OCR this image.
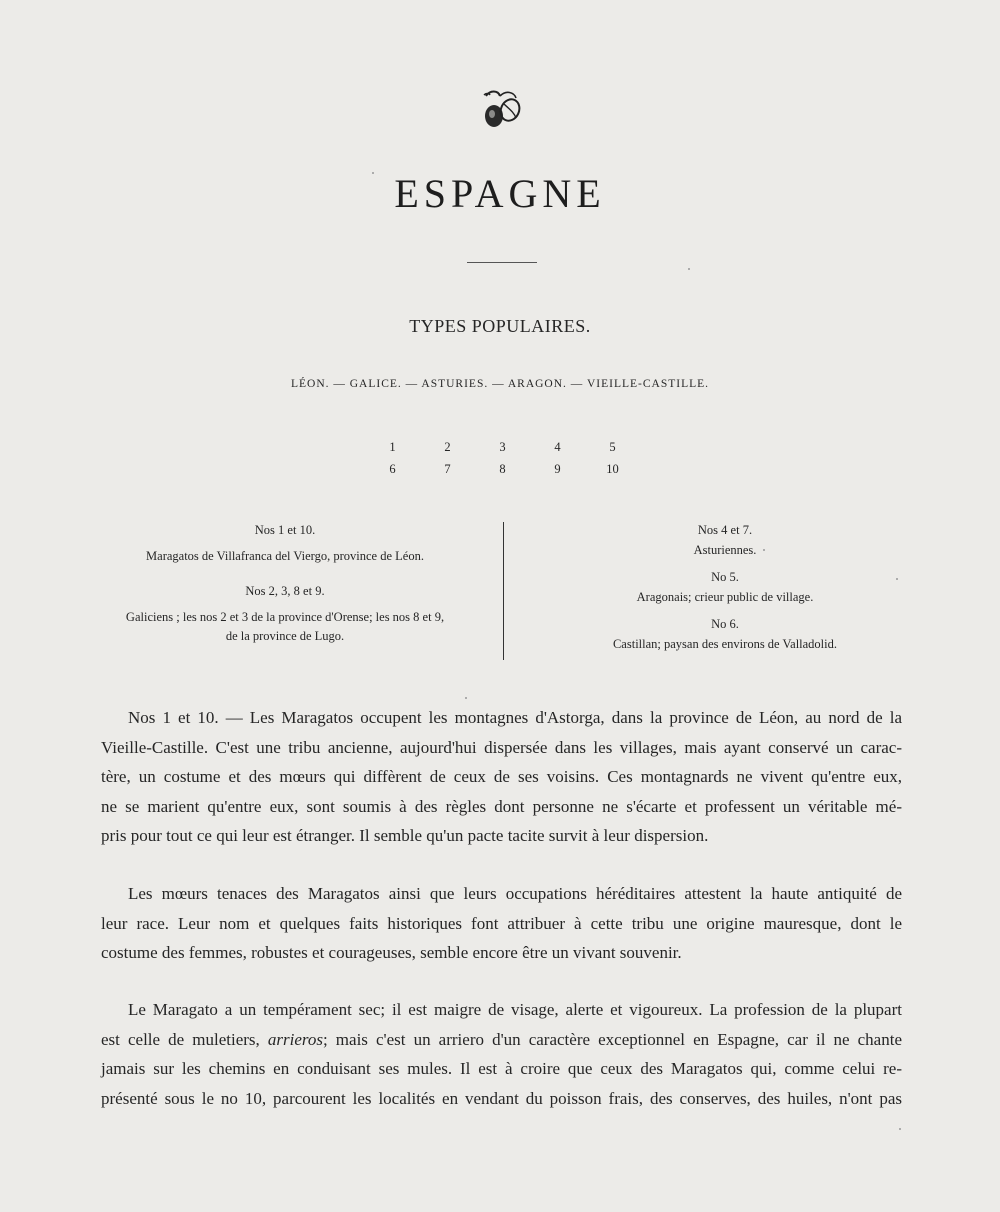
ESPAGNE
TYPES POPULAIRES.
LÉON. — GALICE. — ASTURIES. — ARAGON. — VIEILLE-CASTILLE.
1	2	3	4	5
6	7	8	9	10

Nos 1 et 10.

Maragatos de Villafranca del Viergo, province de Léon.

Nos 2, 3, 8 et 9.

Galiciens ; les nos 2 et 3 de la province d'Orense; les nos 8 et 9,

de la province de Lugo.

Nos 4 et 7.

Asturiennes.

No 5.

Aragonais; crieur public de village.

No 6.

Castillan; paysan des environs de Valladolid.

Nos 1 et 10. — Les Maragatos occupent les montagnes d'Astorga, dans la province de Léon, au nord de la
Vieille-Castille. C'est une tribu ancienne, aujourd'hui dispersée dans les villages, mais ayant conservé un carac-
tère, un costume et des mœurs qui diffèrent de ceux de ses voisins. Ces montagnards ne vivent qu'entre eux,
ne se marient qu'entre eux, sont soumis à des règles dont personne ne s'écarte et professent un véritable mé-
pris pour tout ce qui leur est étranger. Il semble qu'un pacte tacite survit à leur dispersion.
Les mœurs tenaces des Maragatos ainsi que leurs occupations héréditaires attestent la haute antiquité de
leur race. Leur nom et quelques faits historiques font attribuer à cette tribu une origine mauresque, dont le
costume des femmes, robustes et courageuses, semble encore être un vivant souvenir.
Le Maragato a un tempérament sec; il est maigre de visage, alerte et vigoureux. La profession de la plupart
est celle de muletiers, arrieros; mais c'est un arriero d'un caractère exceptionnel en Espagne, car il ne chante
jamais sur les chemins en conduisant ses mules. Il est à croire que ceux des Maragatos qui, comme celui re-
présenté sous le no 10, parcourent les localités en vendant du poisson frais, des conserves, des huiles, n'ont pas
